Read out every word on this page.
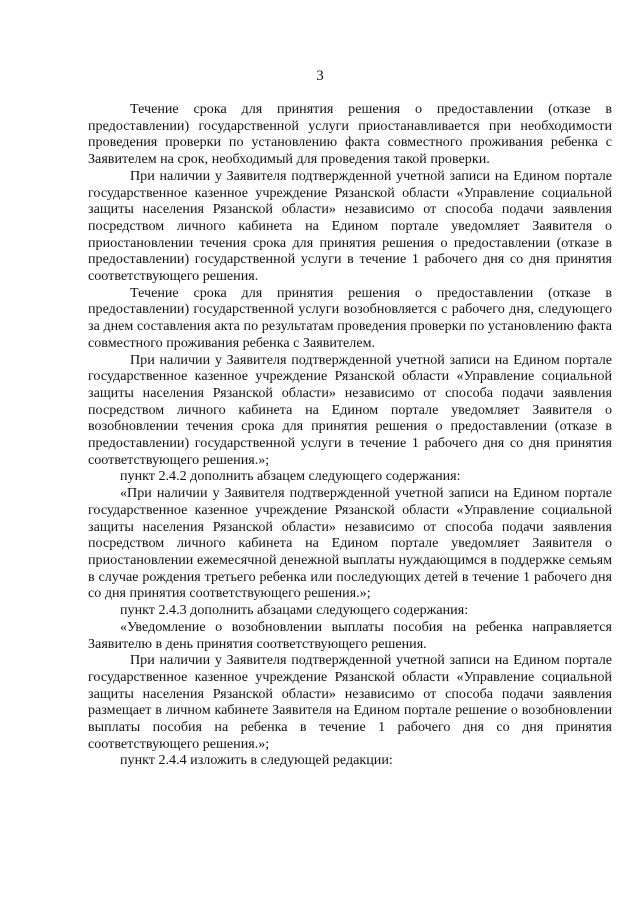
3

Течение срока для принятия решения о предоставлении (отказе в предоставлении) государственной услуги приостанавливается при необходимости проведения проверки по установлению факта совместного проживания ребенка с Заявителем на срок, необходимый для проведения такой проверки.

При наличии у Заявителя подтвержденной учетной записи на Едином портале государственное казенное учреждение Рязанской области «Управление социальной защиты населения Рязанской области» независимо от способа подачи заявления посредством личного кабинета на Едином портале уведомляет Заявителя о приостановлении течения срока для принятия решения о предоставлении (отказе в предоставлении) государственной услуги в течение 1 рабочего дня со дня принятия соответствующего решения.

Течение срока для принятия решения о предоставлении (отказе в предоставлении) государственной услуги возобновляется с рабочего дня, следующего за днем составления акта по результатам проведения проверки по установлению факта совместного проживания ребенка с Заявителем.

При наличии у Заявителя подтвержденной учетной записи на Едином портале государственное казенное учреждение Рязанской области «Управление социальной защиты населения Рязанской области» независимо от способа подачи заявления посредством личного кабинета на Едином портале уведомляет Заявителя о возобновлении течения срока для принятия решения о предоставлении (отказе в предоставлении) государственной услуги в течение 1 рабочего дня со дня принятия соответствующего решения.»;

пункт 2.4.2 дополнить абзацем следующего содержания:

«При наличии у Заявителя подтвержденной учетной записи на Едином портале государственное казенное учреждение Рязанской области «Управление социальной защиты населения Рязанской области» независимо от способа подачи заявления посредством личного кабинета на Едином портале уведомляет Заявителя о приостановлении ежемесячной денежной выплаты нуждающимся в поддержке семьям в случае рождения третьего ребенка или последующих детей в течение 1 рабочего дня со дня принятия соответствующего решения.»;

пункт 2.4.3 дополнить абзацами следующего содержания:

«Уведомление о возобновлении выплаты пособия на ребенка направляется Заявителю в день принятия соответствующего решения.

При наличии у Заявителя подтвержденной учетной записи на Едином портале государственное казенное учреждение Рязанской области «Управление социальной защиты населения Рязанской области» независимо от способа подачи заявления размещает в личном кабинете Заявителя на Едином портале решение о возобновлении выплаты пособия на ребенка в течение 1 рабочего дня со дня принятия соответствующего решения.»;

пункт 2.4.4 изложить в следующей редакции:
